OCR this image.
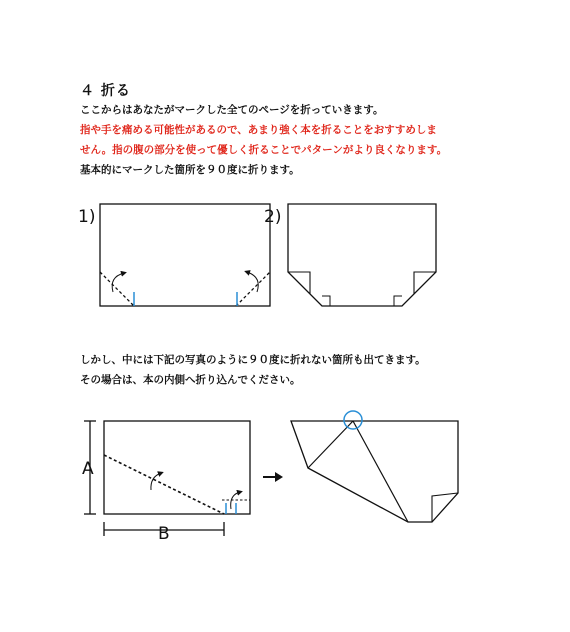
４ 折る
ここからはあなたがマークした全てのページを折っていきます。
指や手を痛める可能性があるので、あまり強く本を折ることをおすすめしま
せん。指の腹の部分を使って優しく折ることでパターンがより良くなります。
基本的にマークした箇所を９０度に折ります。
しかし、中には下記の写真のように９０度に折れない箇所も出てきます。
その場合は、本の内側へ折り込んでください。
1)	2)
A
B
